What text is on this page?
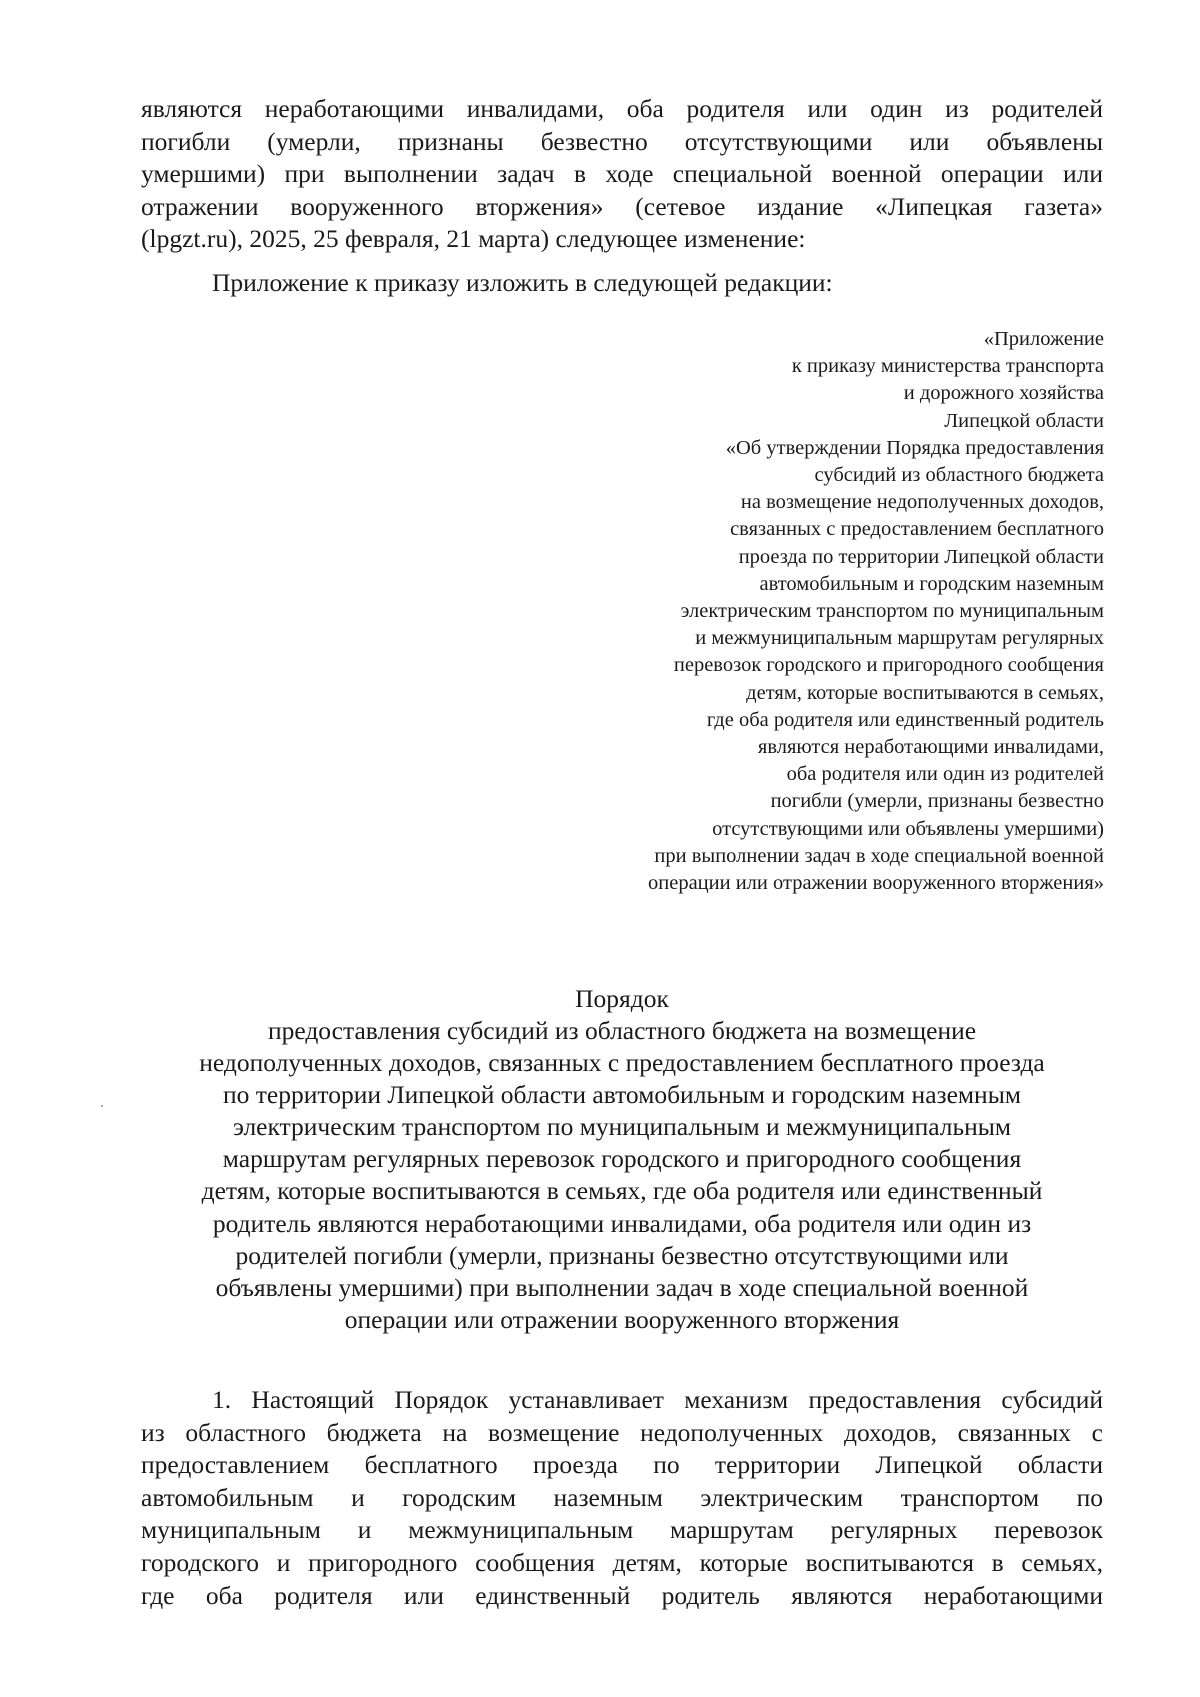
являются неработающими инвалидами, оба родителя или один из родителей
погибли (умерли, признаны безвестно отсутствующими или объявлены
умершими) при выполнении задач в ходе специальной военной операции или
отражении вооруженного вторжения» (сетевое издание «Липецкая газета»
(lpgzt.ru), 2025, 25 февраля, 21 марта) следующее изменение:

Приложение к приказу изложить в следующей редакции:

«Приложение
к приказу министерства транспорта
и дорожного хозяйства
Липецкой области
«Об утверждении Порядка предоставления
субсидий из областного бюджета
на возмещение недополученных доходов,
связанных с предоставлением бесплатного
проезда по территории Липецкой области
автомобильным и городским наземным
электрическим транспортом по муниципальным
и межмуниципальным маршрутам регулярных
перевозок городского и пригородного сообщения
детям, которые воспитываются в семьях,
где оба родителя или единственный родитель
являются неработающими инвалидами,
оба родителя или один из родителей
погибли (умерли, признаны безвестно
отсутствующими или объявлены умершими)
при выполнении задач в ходе специальной военной
операции или отражении вооруженного вторжения»

Порядок

предоставления субсидий из областного бюджета на возмещение
недополученных доходов, связанных с предоставлением бесплатного проезда
по территории Липецкой области автомобильным и городским наземным
электрическим транспортом по муниципальным и межмуниципальным
маршрутам регулярных перевозок городского и пригородного сообщения
детям, которые воспитываются в семьях, где оба родителя или единственный
родитель являются неработающими инвалидами, оба родителя или один из
родителей погибли (умерли, признаны безвестно отсутствующими или
объявлены умершими) при выполнении задач в ходе специальной военной
операции или отражении вооруженного вторжения
1. Настоящий Порядок устанавливает механизм предоставления субсидий
из областного бюджета на возмещение недополученных доходов, связанных с
предоставлением бесплатного проезда по территории Липецкой области
автомобильным и городским наземным электрическим транспортом по
муниципальным и межмуниципальным маршрутам регулярных перевозок
городского и пригородного сообщения детям, которые воспитываются в семьях,
где оба родителя или единственный родитель являются неработающими
